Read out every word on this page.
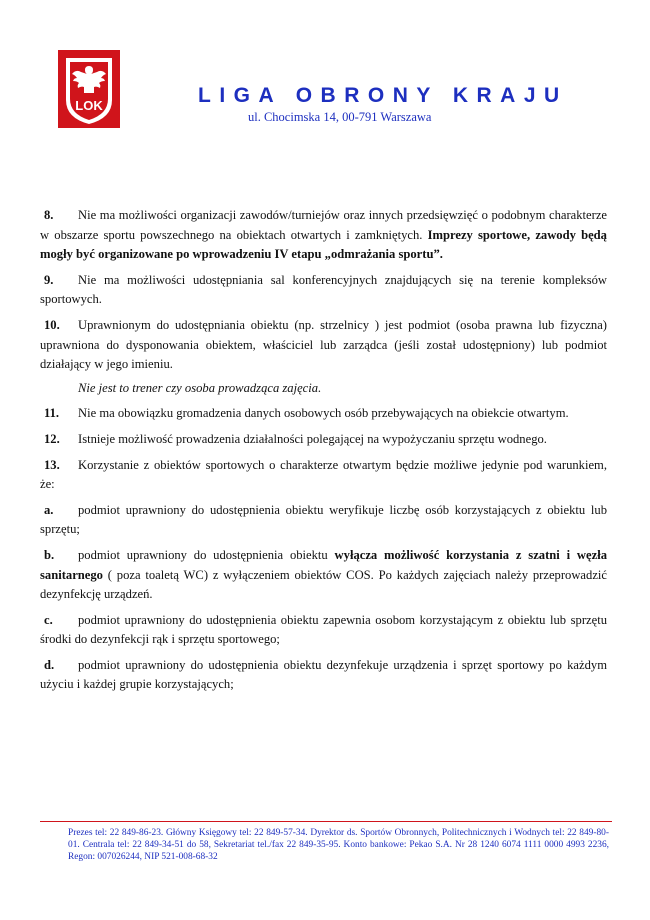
LOK	LIGA OBRONY KRAJU
ul. Chocimska 14, 00-791 Warszawa

8. Nie ma możliwości organizacji zawodów/turniejów oraz innych przedsięwzięć o podobnym charakterze w obszarze sportu powszechnego na obiektach otwartych i zamkniętych. Imprezy sportowe, zawody będą mogły być organizowane po wprowadzeniu IV etapu „odmrażania sportu”.

9. Nie ma możliwości udostępniania sal konferencyjnych znajdujących się na terenie kompleksów sportowych.

10. Uprawnionym do udostępniania obiektu (np. strzelnicy ) jest podmiot (osoba prawna lub fizyczna) uprawniona do dysponowania obiektem, właściciel lub zarządca (jeśli został udostępniony) lub podmiot działający w jego imieniu.

Nie jest to trener czy osoba prowadząca zajęcia.

11. Nie ma obowiązku gromadzenia danych osobowych osób przebywających na obiekcie otwartym.

12. Istnieje możliwość prowadzenia działalności polegającej na wypożyczaniu sprzętu wodnego.

13. Korzystanie z obiektów sportowych o charakterze otwartym będzie możliwe jedynie pod warunkiem, że:

a. podmiot uprawniony do udostępnienia obiektu weryfikuje liczbę osób korzystających z obiektu lub sprzętu;

b. podmiot uprawniony do udostępnienia obiektu wyłącza możliwość korzystania z szatni i węzła sanitarnego ( poza toaletą WC) z wyłączeniem obiektów COS. Po każdych zajęciach należy przeprowadzić dezynfekcję urządzeń.

c. podmiot uprawniony do udostępnienia obiektu zapewnia osobom korzystającym z obiektu lub sprzętu środki do dezynfekcji rąk i sprzętu sportowego;

d. podmiot uprawniony do udostępnienia obiektu dezynfekuje urządzenia i sprzęt sportowy po każdym użyciu i każdej grupie korzystających;

Prezes tel: 22 849-86-23. Główny Księgowy tel: 22 849-57-34. Dyrektor ds. Sportów Obronnych, Politechnicznych i Wodnych tel: 22 849-80-01. Centrala tel: 22 849-34-51 do 58, Sekretariat tel./fax 22 849-35-95. Konto bankowe: Pekao S.A. Nr 28 1240 6074 1111 0000 4993 2236, Regon: 007026244, NIP 521-008-68-32
